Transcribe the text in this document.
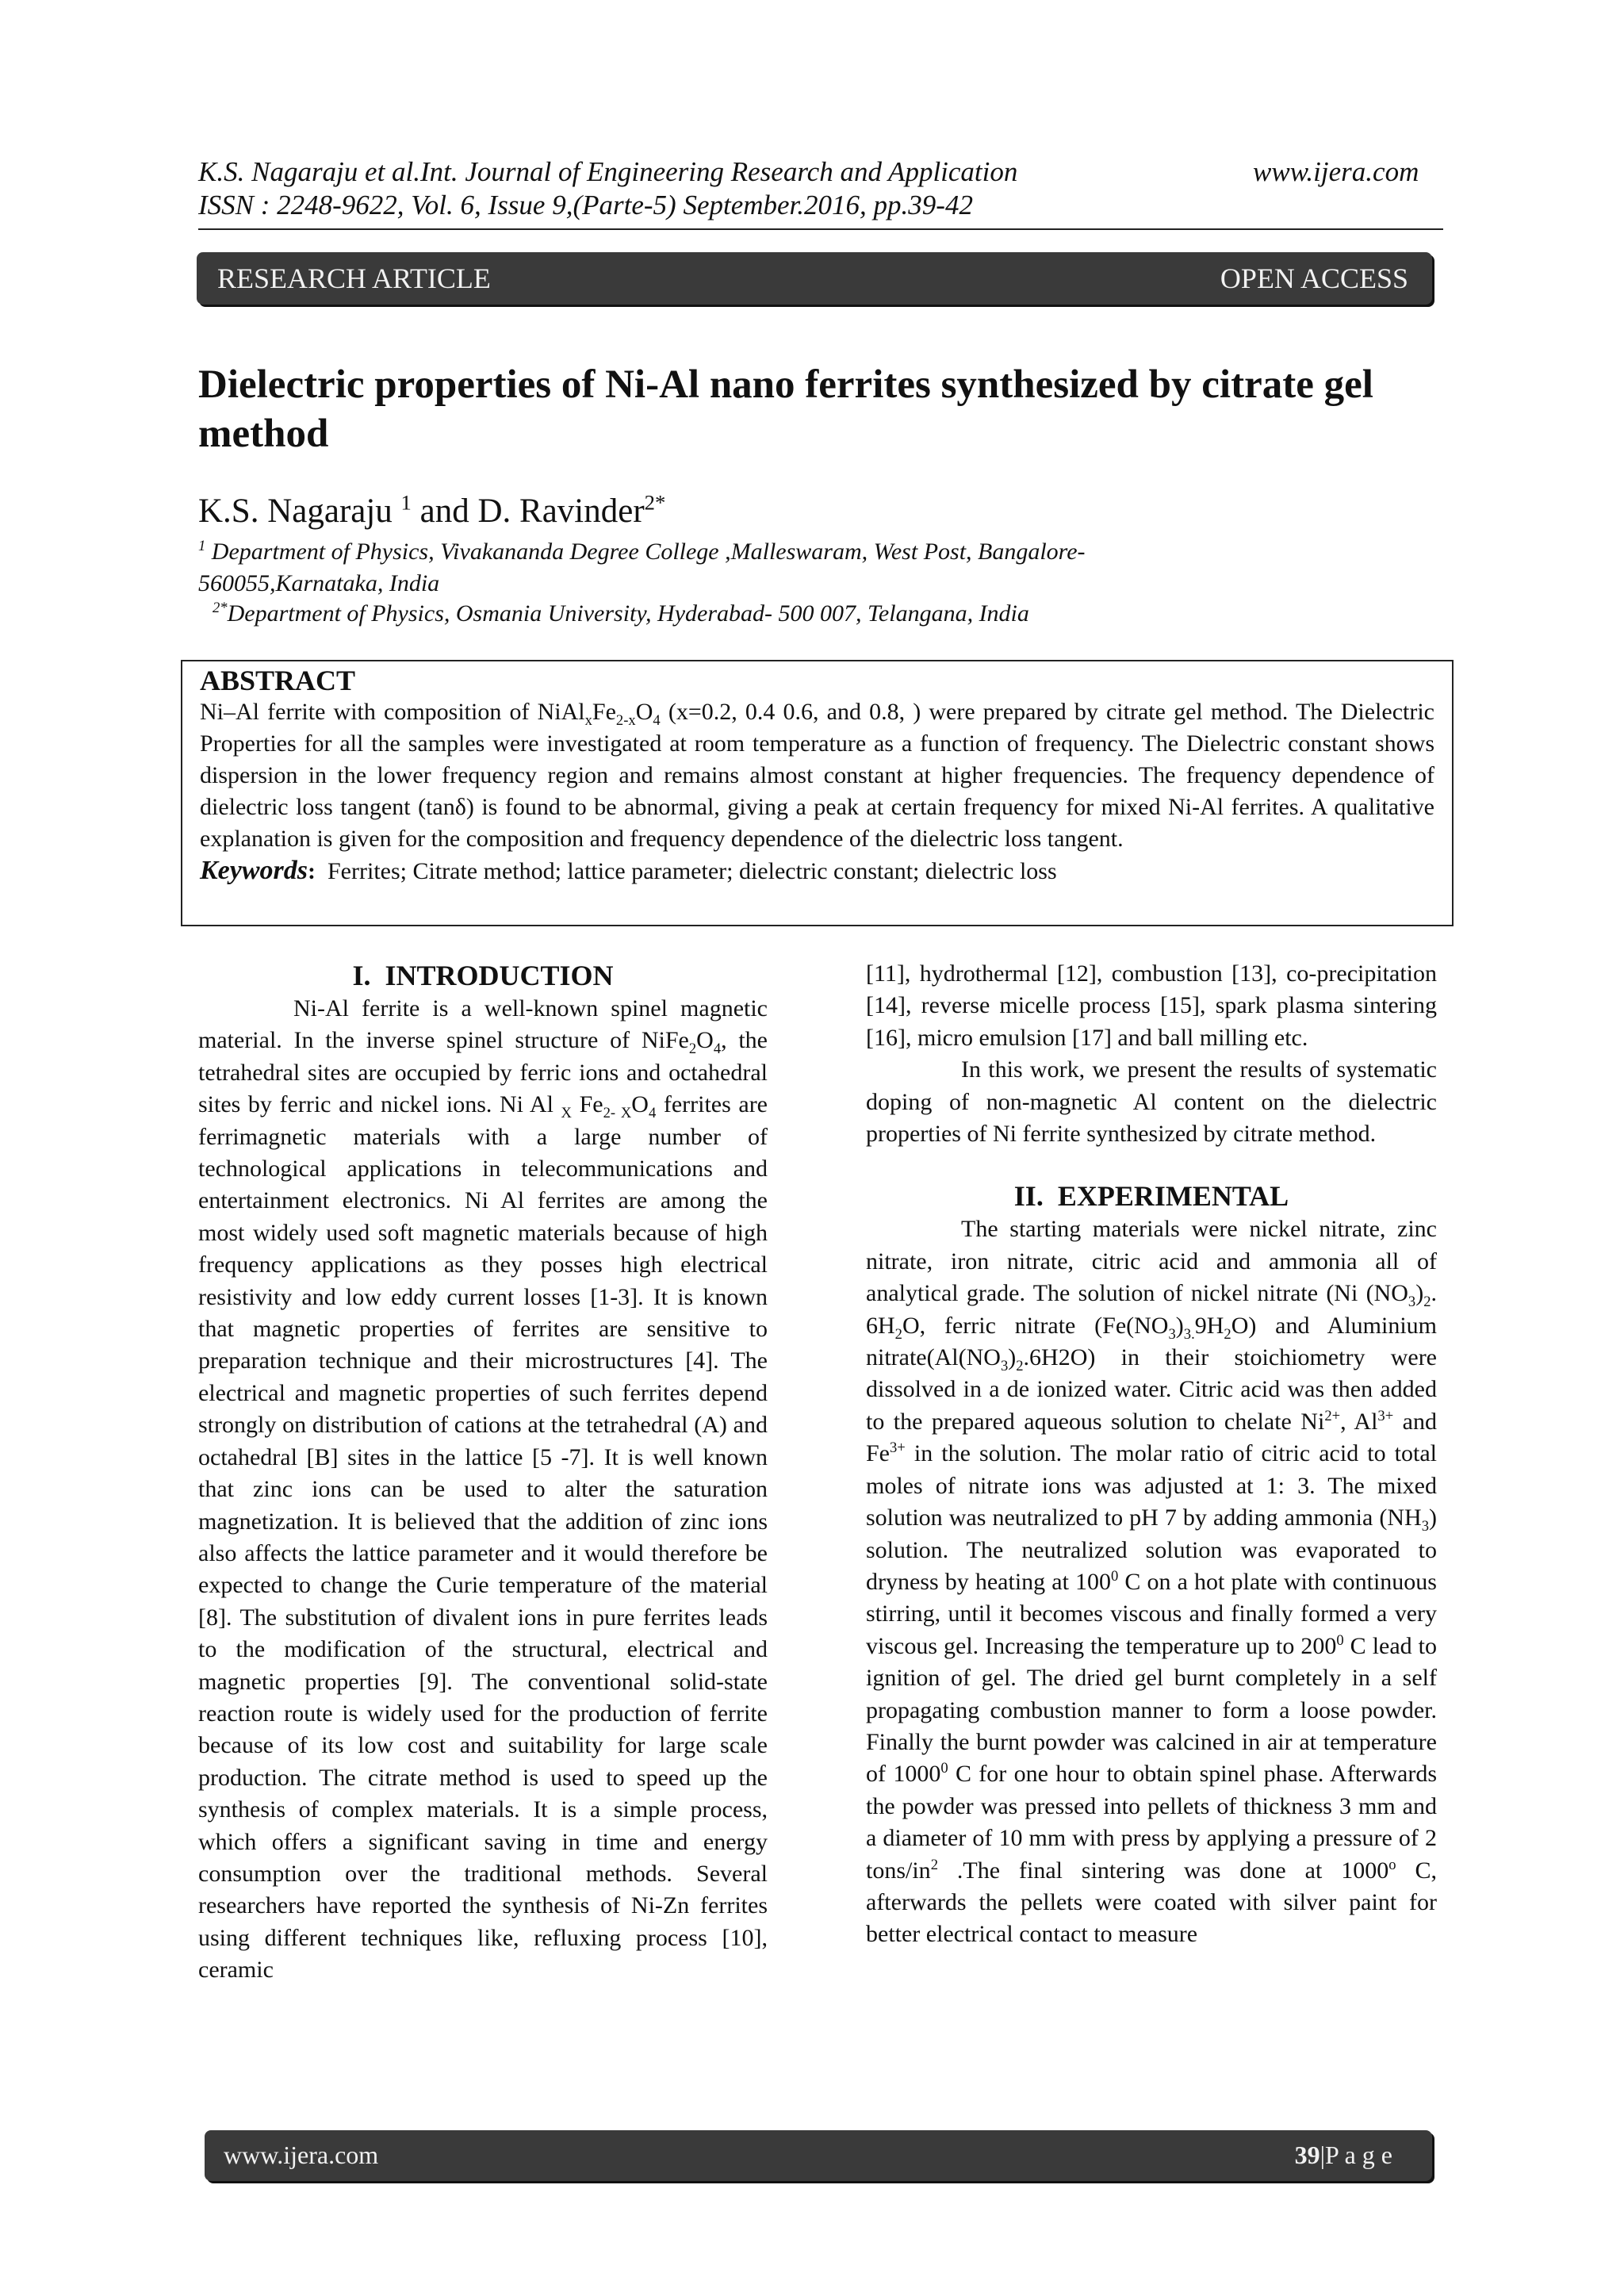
K.S. Nagaraju et al.Int. Journal of Engineering Research and Application	www.ijera.com
ISSN : 2248-9622, Vol. 6, Issue 9,(Parte-5) September.2016, pp.39-42
RESEARCH ARTICLE	OPEN ACCESS
Dielectric properties of Ni-Al nano ferrites synthesized by citrate gel method
K.S. Nagaraju $^1$ and D. Ravinder$^{2*}$
$^1$ Department of Physics, Vivakananda Degree College ,Malleswaram, West Post, Bangalore-560055,Karnataka, India
$^{2*}$Department of Physics, Osmania University, Hyderabad- 500 007, Telangana, India
ABSTRACT
Ni–Al ferrite with composition of $NiAl_xFe_{2-x}O_4$ (x=0.2, 0.4 0.6, and 0.8, ) were prepared by citrate gel method. The Dielectric Properties for all the samples were investigated at room temperature as a function of frequency. The Dielectric constant shows dispersion in the lower frequency region and remains almost constant at higher frequencies. The frequency dependence of dielectric loss tangent (tanδ) is found to be abnormal, giving a peak at certain frequency for mixed Ni-Al ferrites. A qualitative explanation is given for the composition and frequency dependence of the dielectric loss tangent.
Keywords: Ferrites; Citrate method; lattice parameter; dielectric constant; dielectric loss
I. INTRODUCTION

Ni-Al ferrite is a well-known spinel magnetic material. In the inverse spinel structure of $NiFe_2O_4$, the tetrahedral sites are occupied by ferric ions and octahedral sites by ferric and nickel ions. Ni Al $_X$ $Fe_{2- X}O_4$ ferrites are ferrimagnetic materials with a large number of technological applications in telecommunications and entertainment electronics. Ni Al ferrites are among the most widely used soft magnetic materials because of high frequency applications as they posses high electrical resistivity and low eddy current losses [1-3]. It is known that magnetic properties of ferrites are sensitive to preparation technique and their microstructures [4]. The electrical and magnetic properties of such ferrites depend strongly on distribution of cations at the tetrahedral (A) and octahedral [B] sites in the lattice [5 -7]. It is well known that zinc ions can be used to alter the saturation magnetization. It is believed that the addition of zinc ions also affects the lattice parameter and it would therefore be expected to change the Curie temperature of the material [8]. The substitution of divalent ions in pure ferrites leads to the modification of the structural, electrical and magnetic properties [9]. The conventional solid-state reaction route is widely used for the production of ferrite because of its low cost and suitability for large scale production. The citrate method is used to speed up the synthesis of complex materials. It is a simple process, which offers a significant saving in time and energy consumption over the traditional methods. Several researchers have reported the synthesis of Ni-Zn ferrites using different techniques like, refluxing process [10], ceramic

[11], hydrothermal [12], combustion [13], co-precipitation [14], reverse micelle process [15], spark plasma sintering [16], micro emulsion [17] and ball milling etc.

In this work, we present the results of systematic doping of non-magnetic Al content on the dielectric properties of Ni ferrite synthesized by citrate method.

II. EXPERIMENTAL

The starting materials were nickel nitrate, zinc nitrate, iron nitrate, citric acid and ammonia all of analytical grade. The solution of nickel nitrate (Ni $(NO_3)_2$. $6H_2O$, ferric nitrate $(Fe(NO_3)_{3.}9H_2O)$ and Aluminium $nitrate(Al(NO_3)_2.6H2O)$ in their stoichiometry were dissolved in a de ionized water. Citric acid was then added to the prepared aqueous solution to chelate $Ni^{2+}$, $Al^{3+}$ and $Fe^{3+}$ in the solution. The molar ratio of citric acid to total moles of nitrate ions was adjusted at 1: 3. The mixed solution was neutralized to pH 7 by adding ammonia $(NH_3)$ solution. The neutralized solution was evaporated to dryness by heating at $100^0$ C on a hot plate with continuous stirring, until it becomes viscous and finally formed a very viscous gel. Increasing the temperature up to $200^0$ C lead to ignition of gel. The dried gel burnt completely in a self propagating combustion manner to form a loose powder. Finally the burnt powder was calcined in air at temperature of 1000$^0$ C for one hour to obtain spinel phase. Afterwards the powder was pressed into pellets of thickness 3 mm and a diameter of 10 mm with press by applying a pressure of 2 tons/$in^2$ .The final sintering was done at 1000$^o$ C, afterwards the pellets were coated with silver paint for better electrical contact to measure

www.ijera.com	39|P a g e
